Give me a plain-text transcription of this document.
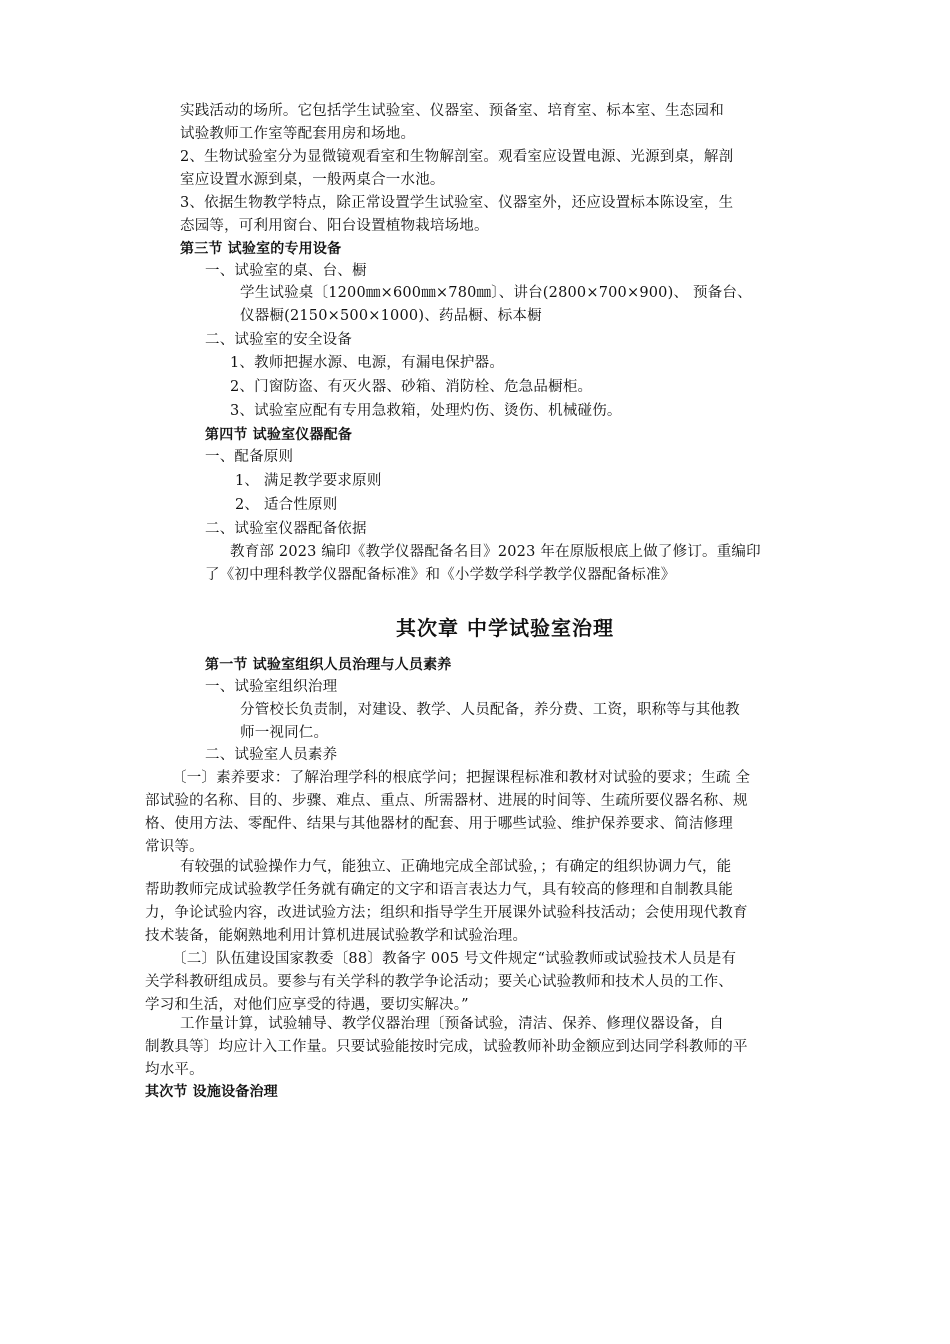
实践活动的场所。它包括学生试验室、仪器室、预备室、培育室、标本室、生态园和
试验教师工作室等配套用房和场地。
2、生物试验室分为显微镜观看室和生物解剖室。观看室应设置电源、光源到桌，解剖
室应设置水源到桌，一般两桌合一水池。
3、依据生物教学特点，除正常设置学生试验室、仪器室外，还应设置标本陈设室，生
态园等，可利用窗台、阳台设置植物栽培场地。
第三节 试验室的专用设备
一、试验室的桌、台、橱
学生试验桌〔1200㎜×600㎜×780㎜〕、讲台(2800×700×900)、 预备台、
仪器橱(2150×500×1000)、药品橱、标本橱
二、试验室的安全设备
1、教师把握水源、电源，有漏电保护器。
2、门窗防盗、有灭火器、砂箱、消防栓、危急品橱柜。
3、试验室应配有专用急救箱，处理灼伤、烫伤、机械碰伤。
第四节 试验室仪器配备
一、配备原则
1、 满足教学要求原则
2、 适合性原则
二、试验室仪器配备依据
教育部 2023 编印《教学仪器配备名目》2023 年在原版根底上做了修订。重编印
了《初中理科教学仪器配备标准》和《小学数学科学教学仪器配备标准》
其次章 中学试验室治理
第一节 试验室组织人员治理与人员素养
一、试验室组织治理
分管校长负责制，对建设、教学、人员配备，养分费、工资，职称等与其他教
师一视同仁。
二、试验室人员素养
〔一〕素养要求：了解治理学科的根底学问；把握课程标准和教材对试验的要求；生疏 全
部试验的名称、目的、步骤、难点、重点、所需器材、进展的时间等、生疏所要仪器名称、规
格、使用方法、零配件、结果与其他器材的配套、用于哪些试验、维护保养要求、简洁修理
常识等。
有较强的试验操作力气，能独立、正确地完成全部试验，；有确定的组织协调力气，能
帮助教师完成试验教学任务就有确定的文字和语言表达力气，具有较高的修理和自制教具能
力，争论试验内容，改进试验方法；组织和指导学生开展课外试验科技活动；会使用现代教育
技术装备，能娴熟地利用计算机进展试验教学和试验治理。
〔二〕队伍建设国家教委〔88〕教备字 005 号文件规定“试验教师或试验技术人员是有
关学科教研组成员。要参与有关学科的教学争论活动；要关心试验教师和技术人员的工作、
学习和生活，对他们应享受的待遇，要切实解决。”
工作量计算，试验辅导、教学仪器治理〔预备试验，清洁、保养、修理仪器设备，自
制教具等〕均应计入工作量。只要试验能按时完成，试验教师补助金额应到达同学科教师的平
均水平。
其次节 设施设备治理
